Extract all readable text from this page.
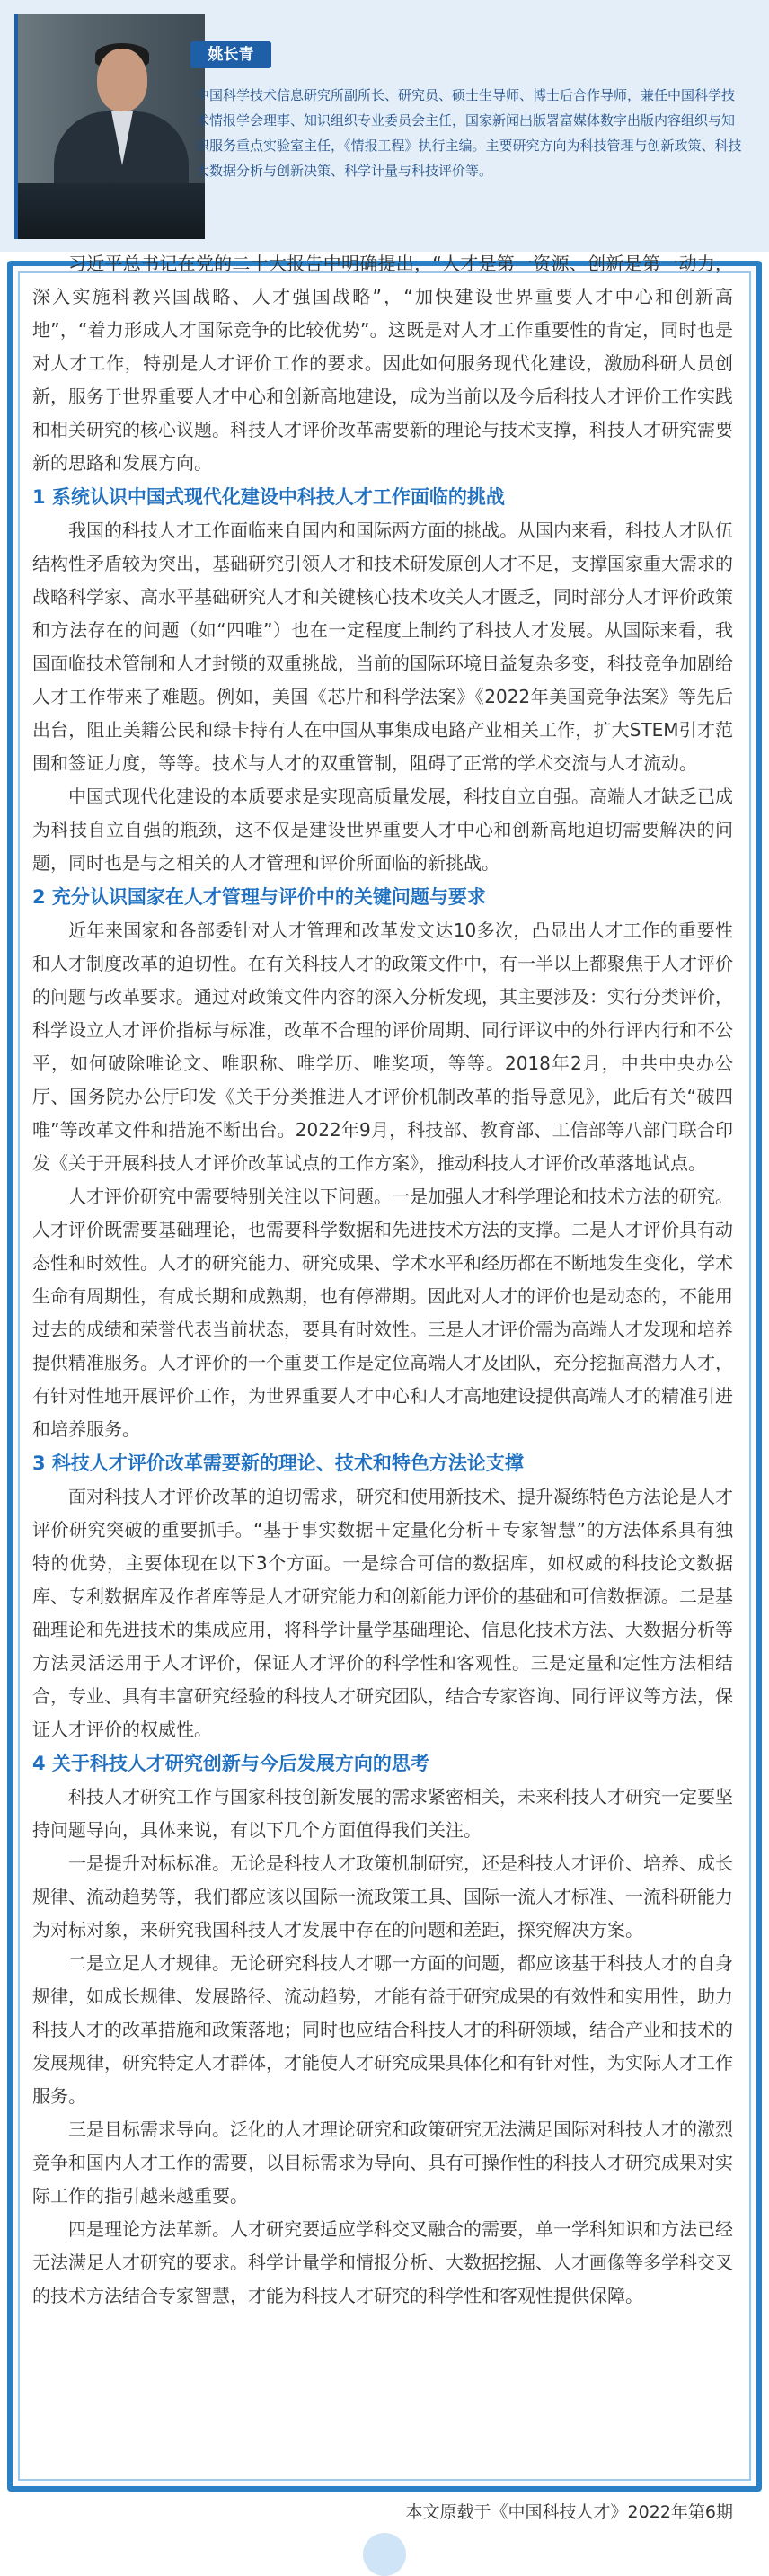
姚长青

中国科学技术信息研究所副所长、研究员、硕士生导师、博士后合作导师，兼任中国科学技术情报学会理事、知识组织专业委员会主任，国家新闻出版署富媒体数字出版内容组织与知识服务重点实验室主任，《情报工程》执行主编。主要研究方向为科技管理与创新政策、科技大数据分析与创新决策、科学计量与科技评价等。

习近平总书记在党的二十大报告中明确提出，“人才是第一资源、创新是第一动力，深入实施科教兴国战略、人才强国战略”，“加快建设世界重要人才中心和创新高地”，“着力形成人才国际竞争的比较优势”。这既是对人才工作重要性的肯定，同时也是对人才工作，特别是人才评价工作的要求。因此如何服务现代化建设，激励科研人员创新，服务于世界重要人才中心和创新高地建设，成为当前以及今后科技人才评价工作实践和相关研究的核心议题。科技人才评价改革需要新的理论与技术支撑，科技人才研究需要新的思路和发展方向。

1 系统认识中国式现代化建设中科技人才工作面临的挑战

我国的科技人才工作面临来自国内和国际两方面的挑战。从国内来看，科技人才队伍结构性矛盾较为突出，基础研究引领人才和技术研发原创人才不足，支撑国家重大需求的战略科学家、高水平基础研究人才和关键核心技术攻关人才匮乏，同时部分人才评价政策和方法存在的问题（如“四唯”）也在一定程度上制约了科技人才发展。从国际来看，我国面临技术管制和人才封锁的双重挑战，当前的国际环境日益复杂多变，科技竞争加剧给人才工作带来了难题。例如，美国《芯片和科学法案》《2022年美国竞争法案》等先后出台，阻止美籍公民和绿卡持有人在中国从事集成电路产业相关工作，扩大STEM引才范围和签证力度，等等。技术与人才的双重管制，阻碍了正常的学术交流与人才流动。

中国式现代化建设的本质要求是实现高质量发展，科技自立自强。高端人才缺乏已成为科技自立自强的瓶颈，这不仅是建设世界重要人才中心和创新高地迫切需要解决的问题，同时也是与之相关的人才管理和评价所面临的新挑战。

2 充分认识国家在人才管理与评价中的关键问题与要求

近年来国家和各部委针对人才管理和改革发文达10多次，凸显出人才工作的重要性和人才制度改革的迫切性。在有关科技人才的政策文件中，有一半以上都聚焦于人才评价的问题与改革要求。通过对政策文件内容的深入分析发现，其主要涉及：实行分类评价，科学设立人才评价指标与标准，改革不合理的评价周期、同行评议中的外行评内行和不公平，如何破除唯论文、唯职称、唯学历、唯奖项，等等。2018年2月，中共中央办公厅、国务院办公厅印发《关于分类推进人才评价机制改革的指导意见》，此后有关“破四唯”等改革文件和措施不断出台。2022年9月，科技部、教育部、工信部等八部门联合印发《关于开展科技人才评价改革试点的工作方案》，推动科技人才评价改革落地试点。

人才评价研究中需要特别关注以下问题。一是加强人才科学理论和技术方法的研究。人才评价既需要基础理论，也需要科学数据和先进技术方法的支撑。二是人才评价具有动态性和时效性。人才的研究能力、研究成果、学术水平和经历都在不断地发生变化，学术生命有周期性，有成长期和成熟期，也有停滞期。因此对人才的评价也是动态的，不能用过去的成绩和荣誉代表当前状态，要具有时效性。三是人才评价需为高端人才发现和培养提供精准服务。人才评价的一个重要工作是定位高端人才及团队，充分挖掘高潜力人才，有针对性地开展评价工作，为世界重要人才中心和人才高地建设提供高端人才的精准引进和培养服务。

3 科技人才评价改革需要新的理论、技术和特色方法论支撑

面对科技人才评价改革的迫切需求，研究和使用新技术、提升凝练特色方法论是人才评价研究突破的重要抓手。“基于事实数据＋定量化分析＋专家智慧”的方法体系具有独特的优势，主要体现在以下3个方面。一是综合可信的数据库，如权威的科技论文数据库、专利数据库及作者库等是人才研究能力和创新能力评价的基础和可信数据源。二是基础理论和先进技术的集成应用，将科学计量学基础理论、信息化技术方法、大数据分析等方法灵活运用于人才评价，保证人才评价的科学性和客观性。三是定量和定性方法相结合，专业、具有丰富研究经验的科技人才研究团队，结合专家咨询、同行评议等方法，保证人才评价的权威性。

4 关于科技人才研究创新与今后发展方向的思考

科技人才研究工作与国家科技创新发展的需求紧密相关，未来科技人才研究一定要坚持问题导向，具体来说，有以下几个方面值得我们关注。

一是提升对标标准。无论是科技人才政策机制研究，还是科技人才评价、培养、成长规律、流动趋势等，我们都应该以国际一流政策工具、国际一流人才标准、一流科研能力为对标对象，来研究我国科技人才发展中存在的问题和差距，探究解决方案。

二是立足人才规律。无论研究科技人才哪一方面的问题，都应该基于科技人才的自身规律，如成长规律、发展路径、流动趋势，才能有益于研究成果的有效性和实用性，助力科技人才的改革措施和政策落地；同时也应结合科技人才的科研领域，结合产业和技术的发展规律，研究特定人才群体，才能使人才研究成果具体化和有针对性，为实际人才工作服务。

三是目标需求导向。泛化的人才理论研究和政策研究无法满足国际对科技人才的激烈竞争和国内人才工作的需要，以目标需求为导向、具有可操作性的科技人才研究成果对实际工作的指引越来越重要。

四是理论方法革新。人才研究要适应学科交叉融合的需要，单一学科知识和方法已经无法满足人才研究的要求。科学计量学和情报分析、大数据挖掘、人才画像等多学科交叉的技术方法结合专家智慧，才能为科技人才研究的科学性和客观性提供保障。

本文原载于《中国科技人才》2022年第6期
